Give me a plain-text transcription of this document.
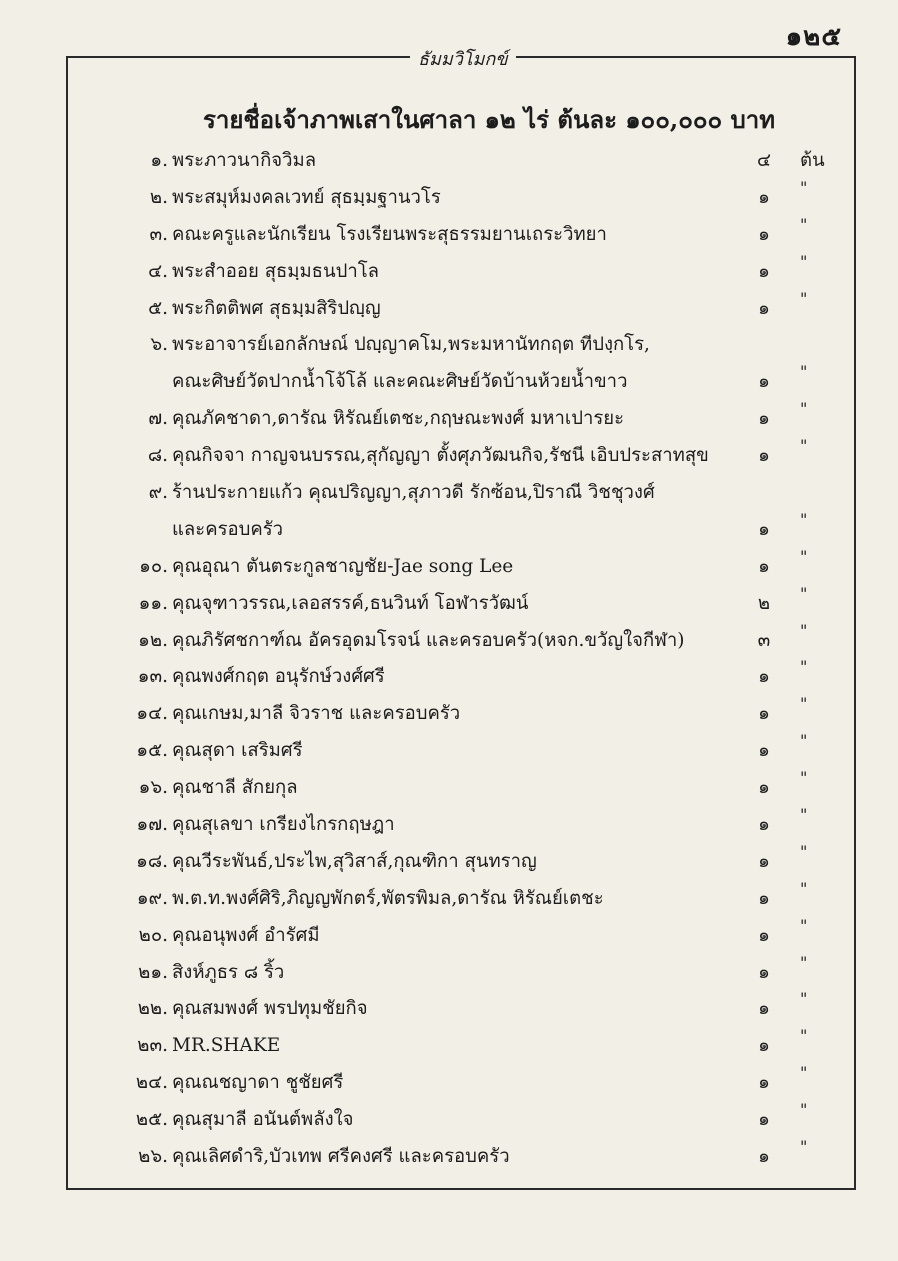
๑๒๕
ธัมมวิโมกข์
รายชื่อเจ้าภาพเสาในศาลา ๑๒ ไร่ ต้นละ ๑๐๐,๐๐๐ บาท
๑. พระภาวนากิจวิมล	๔ ต้น
๒. พระสมุห์มงคลเวทย์ สุธมฺมฐานวโร	๑	"
๓. คณะครูและนักเรียน โรงเรียนพระสุธรรมยานเถระวิทยา	๑	"
๔. พระสำออย สุธมฺมธนปาโล	๑	"
๕. พระกิตติพศ สุธมฺมสิริปญฺญ	๑	"
๖. พระอาจารย์เอกลักษณ์ ปญฺญาคโม,พระมหานัทกฤต ทีปงฺกโร,
คณะศิษย์วัดปากน้ำโจ้โล้ และคณะศิษย์วัดบ้านห้วยน้ำขาว	๑	"
๗. คุณภัคชาดา,ดารัณ หิรัณย์เตชะ,กฤษณะพงศ์ มหาเปารยะ	๑	"
๘. คุณกิจจา กาญจนบรรณ,สุกัญญา ตั้งศุภวัฒนกิจ,รัชนี เอิบประสาทสุข	๑	"
๙. ร้านประกายแก้ว คุณปริญญา,สุภาวดี รักซ้อน,ปิราณี วิชชุวงศ์
และครอบครัว	๑	"
๑๐. คุณอุณา ตันตระกูลชาญชัย-Jae song Lee	๑	"
๑๑. คุณจุฑาวรรณ,เลอสรรค์,ธนวินท์ โอฬารวัฒน์	๒	"
๑๒. คุณภิรัศชกาฑ์ณ อัครอุดมโรจน์ และครอบครัว(หจก.ขวัญใจกีฬา)	๓	"
๑๓. คุณพงศ์กฤต อนุรักษ์วงศ์ศรี	๑	"
๑๔. คุณเกษม,มาลี จิวราช และครอบครัว	๑	"
๑๕. คุณสุดา เสริมศรี	๑	"
๑๖. คุณชาลี สักยกุล	๑	"
๑๗. คุณสุเลขา เกรียงไกรกฤษฎา	๑	"
๑๘. คุณวีระพันธ์,ประไพ,สุวิสาส์,กุณฑิกา สุนทราญ	๑	"
๑๙. พ.ต.ท.พงศ์ศิริ,ภิญญพักตร์,พัตรพิมล,ดารัณ หิรัณย์เตชะ	๑	"
๒๐. คุณอนุพงศ์ อำรัศมี	๑	"
๒๑. สิงห์ภูธร ๘ ริ้ว	๑	"
๒๒. คุณสมพงศ์ พรปทุมชัยกิจ	๑	"
๒๓. MR.SHAKE	๑	"
๒๔. คุณณชญาดา ชูชัยศรี	๑	"
๒๕. คุณสุมาลี อนันต์พลังใจ	๑	"
๒๖. คุณเลิศดำริ,บัวเทพ ศรีคงศรี และครอบครัว	๑	"
